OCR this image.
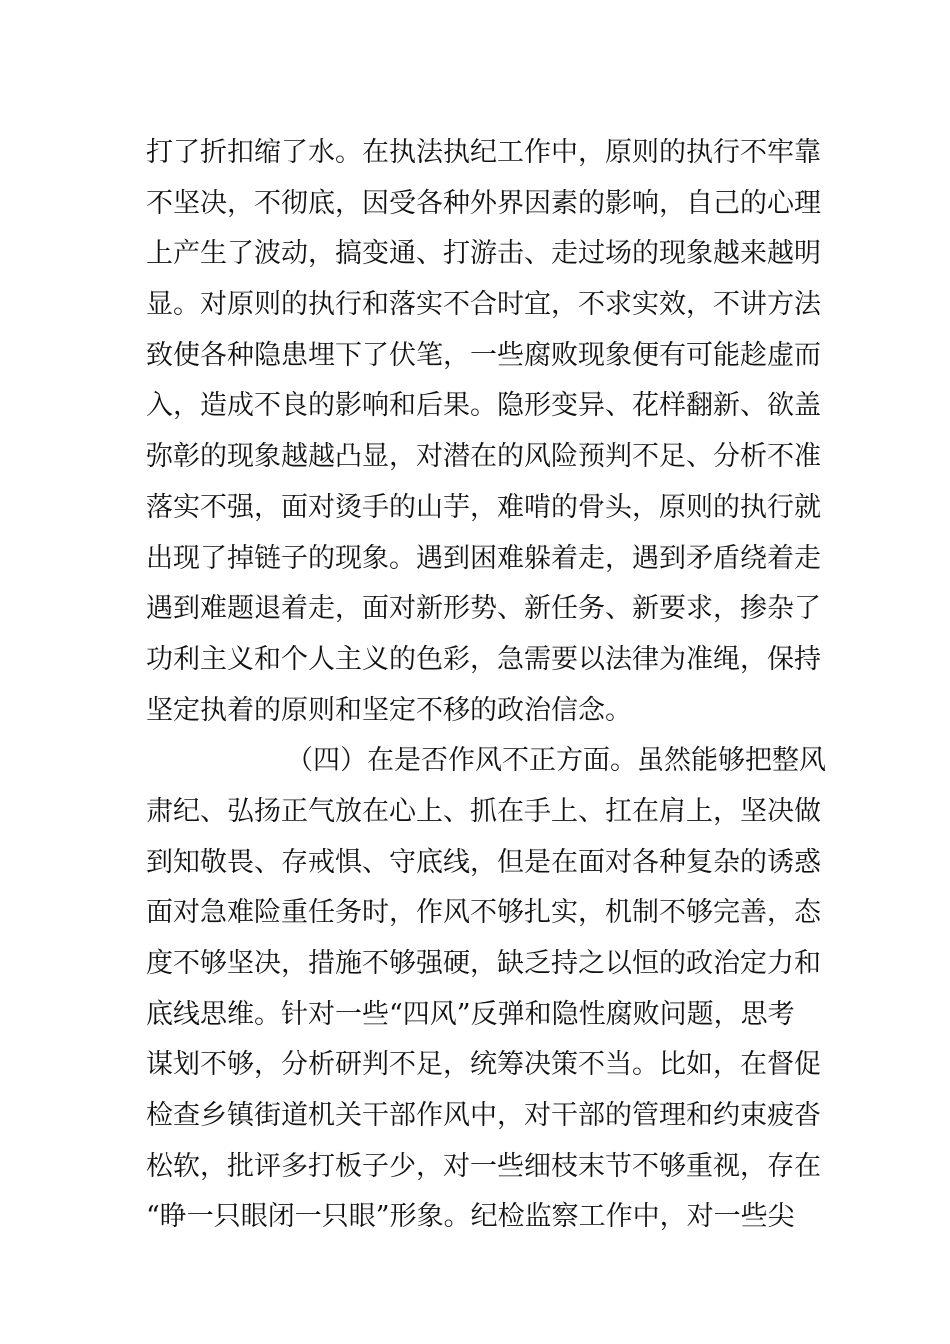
打了折扣缩了水。在执法执纪工作中，原则的执行不牢靠
不坚决，不彻底，因受各种外界因素的影响，自己的心理
上产生了波动，搞变通、打游击、走过场的现象越来越明
显。对原则的执行和落实不合时宜，不求实效，不讲方法
致使各种隐患埋下了伏笔，一些腐败现象便有可能趁虚而
入，造成不良的影响和后果。隐形变异、花样翻新、欲盖
弥彰的现象越越凸显，对潜在的风险预判不足、分析不准
落实不强，面对烫手的山芋，难啃的骨头，原则的执行就
出现了掉链子的现象。遇到困难躲着走，遇到矛盾绕着走
遇到难题退着走，面对新形势、新任务、新要求，掺杂了
功利主义和个人主义的色彩，急需要以法律为准绳，保持
坚定执着的原则和坚定不移的政治信念。
（四）在是否作风不正方面。虽然能够把整风
肃纪、弘扬正气放在心上、抓在手上、扛在肩上，坚决做
到知敬畏、存戒惧、守底线，但是在面对各种复杂的诱惑
面对急难险重任务时，作风不够扎实，机制不够完善，态
度不够坚决，措施不够强硬，缺乏持之以恒的政治定力和
底线思维。针对一些“四风”反弹和隐性腐败问题，思考
谋划不够，分析研判不足，统筹决策不当。比如，在督促
检查乡镇街道机关干部作风中，对干部的管理和约束疲沓
松软，批评多打板子少，对一些细枝末节不够重视，存在
“睁一只眼闭一只眼”形象。纪检监察工作中，对一些尖
